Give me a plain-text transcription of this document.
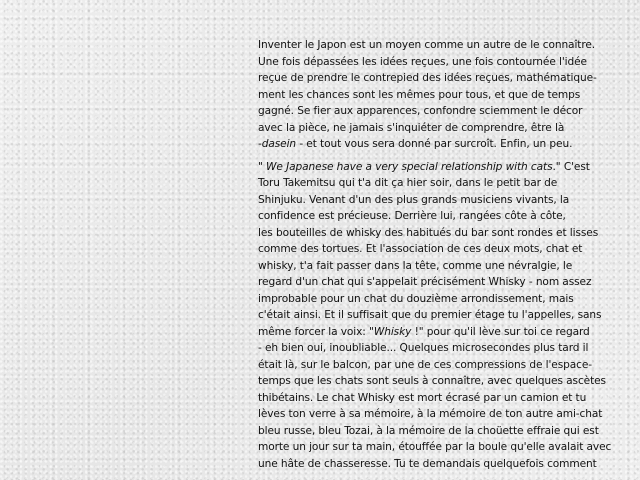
Inventer le Japon est un moyen comme un autre de le connaître.
Une fois dépassées les idées reçues, une fois contournée l'idée
reçue de prendre le contrepied des idées reçues, mathématique-
ment les chances sont les mêmes pour tous, et que de temps
gagné. Se fier aux apparences, confondre sciemment le décor
avec la pièce, ne jamais s'inquiéter de comprendre, être là
-dasein - et tout vous sera donné par surcroît. Enfin, un peu.
" We Japanese have a very special relationship with cats." C'est
Toru Takemitsu qui t'a dit ça hier soir, dans le petit bar de
Shinjuku. Venant d'un des plus grands musiciens vivants, la
confidence est précieuse. Derrière lui, rangées côte à côte,
les bouteilles de whisky des habitués du bar sont rondes et lisses
comme des tortues. Et l'association de ces deux mots, chat et
whisky, t'a fait passer dans la tête, comme une névralgie, le
regard d'un chat qui s'appelait précisément Whisky - nom assez
improbable pour un chat du douzième arrondissement, mais
c'était ainsi. Et il suffisait que du premier étage tu l'appelles, sans
même forcer la voix: "Whisky !" pour qu'il lève sur toi ce regard
- eh bien oui, inoubliable... Quelques microsecondes plus tard il
était là, sur le balcon, par une de ces compressions de l'espace-
temps que les chats sont seuls à connaître, avec quelques ascètes
thibétains. Le chat Whisky est mort écrasé par un camion et tu
lèves ton verre à sa mémoire, à la mémoire de ton autre ami-chat
bleu russe, bleu Tozai, à la mémoire de la choüette effraie qui est
morte un jour sur ta main, étouffée par la boule qu'elle avalait avec
une hâte de chasseresse. Tu te demandais quelquefois comment
